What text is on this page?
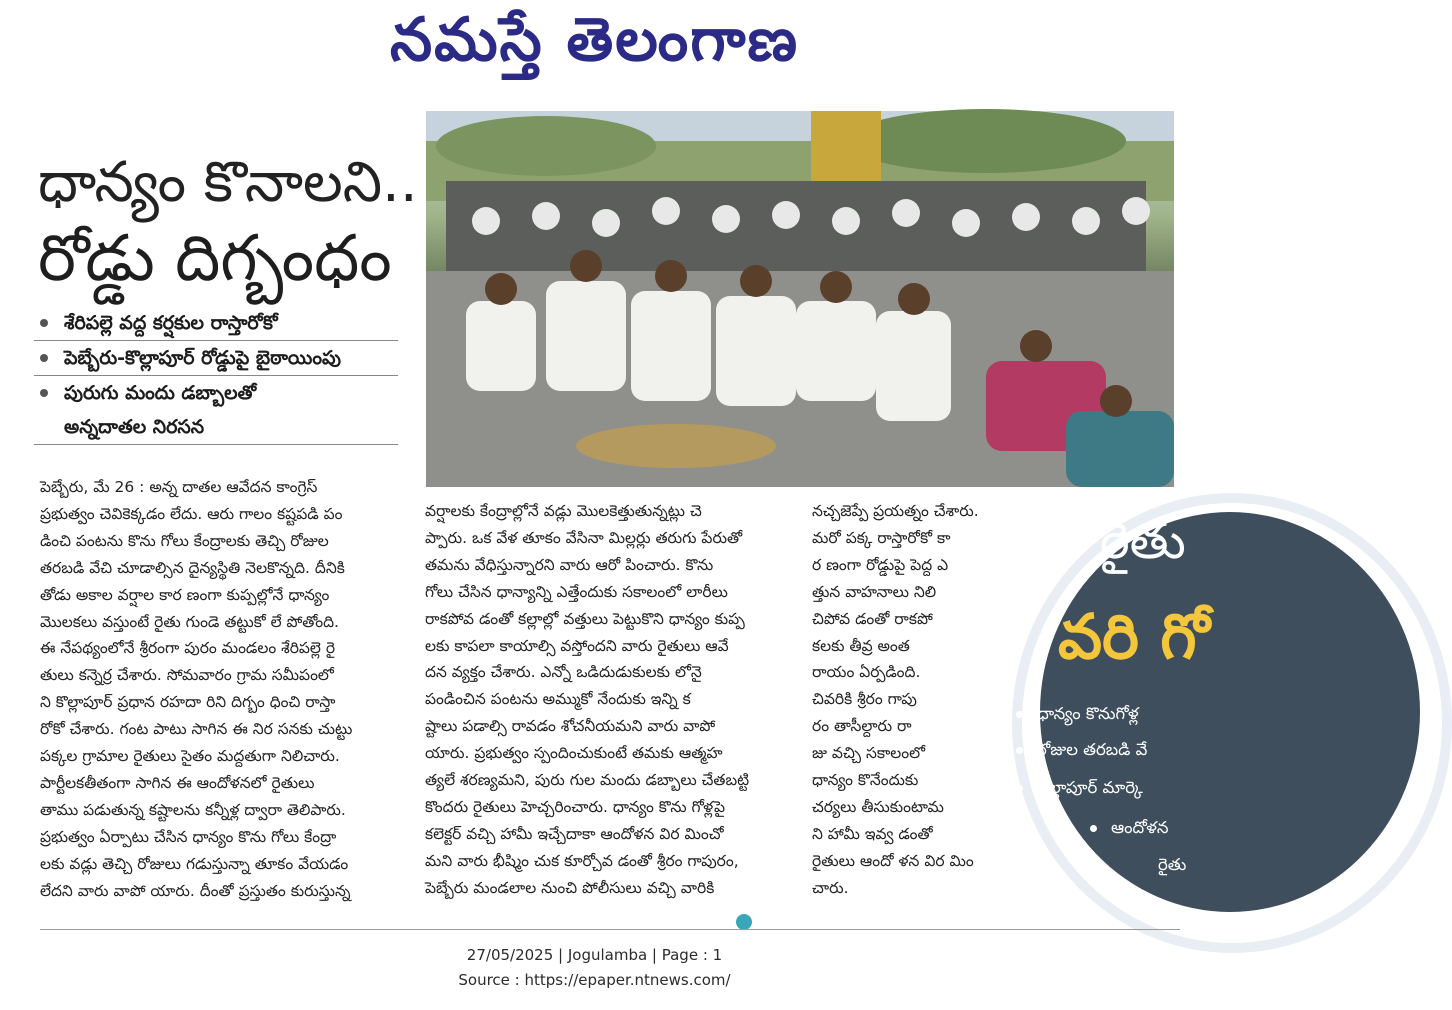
నమస్తే తెలంగాణ
ధాన్యం కొనాలని..
రోడ్డు దిగ్బంధం
శేరిపల్లె వద్ద కర్షకుల రాస్తారోకో
పెబ్బేరు-కొల్లాపూర్ రోడ్డుపై బైఠాయింపు
పురుగు మందు డబ్బాలతో
అన్నదాతల నిరసన

పెబ్బేరు, మే 26 : అన్న దాతల ఆవేదన కాంగ్రెస్

ప్రభుత్వం చెవికెక్కడం లేదు. ఆరు గాలం కష్టపడి పం

డించి పంటను కొను గోలు కేంద్రాలకు తెచ్చి రోజుల

తరబడి వేచి చూడాల్సిన దైన్యస్థితి నెలకొన్నది. దీనికి

తోడు అకాల వర్షాల కార ణంగా కుప్పల్లోనే ధాన్యం

మొలకలు వస్తుంటే రైతు గుండె తట్టుకో లే పోతోంది.

ఈ నేపథ్యంలోనే శ్రీరంగా పురం మండలం శేరిపల్లె రై

తులు కన్నెర్ర చేశారు. సోమవారం గ్రామ సమీపంలో

ని కొల్లాపూర్ ప్రధాన రహదా రిని దిగ్బం ధించి రాస్తా

రోకో చేశారు. గంట పాటు సాగిన ఈ నిర సనకు చుట్టు

పక్కల గ్రామాల రైతులు సైతం మద్దతుగా నిలిచారు.

పార్టీలకతీతంగా సాగిన ఈ ఆందోళనలో రైతులు

తాము పడుతున్న కష్టాలను కన్నీళ్ల ద్వారా తెలిపారు.

ప్రభుత్వం ఏర్పాటు చేసిన ధాన్యం కొను గోలు కేంద్రా

లకు వడ్లు తెచ్చి రోజులు గడుస్తున్నా తూకం వేయడం

లేదని వారు వాపో యారు. దీంతో ప్రస్తుతం కురుస్తున్న

వర్షాలకు కేంద్రాల్లోనే వడ్లు మొలకెత్తుతున్నట్లు చె

ప్పారు. ఒక వేళ తూకం వేసినా మిల్లర్లు తరుగు పేరుతో

తమను వేధిస్తున్నారని వారు ఆరో పించారు. కొను

గోలు చేసిన ధాన్యాన్ని ఎత్తేందుకు సకాలంలో లారీలు

రాకపోవ డంతో కల్లాల్లో వత్తులు పెట్టుకొని ధాన్యం కుప్ప

లకు కాపలా కాయాల్సి వస్తోందని వారు రైతులు ఆవే

దన వ్యక్తం చేశారు. ఎన్నో ఒడిదుడుకులకు లోనై

పండించిన పంటను అమ్ముకో నేందుకు ఇన్ని క

ష్టాలు పడాల్సి రావడం శోచనీయమని వారు వాపో

యారు. ప్రభుత్వం స్పందించుకుంటే తమకు ఆత్మహ

త్యలే శరణ్యమని, పురు గుల మందు డబ్బాలు చేతబట్టి

కొందరు రైతులు హెచ్చరించారు. ధాన్యం కొను గోళ్లపై

కలెక్టర్ వచ్చి హామీ ఇచ్చేదాకా ఆందోళన విర మించో

మని వారు భీష్మిం చుక కూర్చోవ డంతో శ్రీరం గాపురం,

పెబ్బేరు మండలాల నుంచి పోలీసులు వచ్చి వారికి

నచ్చజెప్పే ప్రయత్నం చేశారు.

మరో పక్క రాస్తారోకో కా

ర ణంగా రోడ్డుపై పెద్ద ఎ

త్తున వాహనాలు నిలి

చిపోవ డంతో రాకపో

కలకు తీవ్ర అంత

రాయం ఏర్పడింది.

చివరికి శ్రీరం గాపు

రం తాసీల్దారు రా

జు వచ్చి సకాలంలో

ధాన్యం కొనేందుకు

చర్యలు తీసుకుంటామ

ని హామీ ఇవ్వ డంతో

రైతులు ఆందో ళన విర మిం

చారు.

రైతు
వరి గో
ధాన్యం కొనుగోళ్ల
రోజుల తరబడి వే
కొల్లాపూర్ మార్కె
ఆందోళన
రైతు
27/05/2025 | Jogulamba | Page : 1
Source : https://epaper.ntnews.com/
